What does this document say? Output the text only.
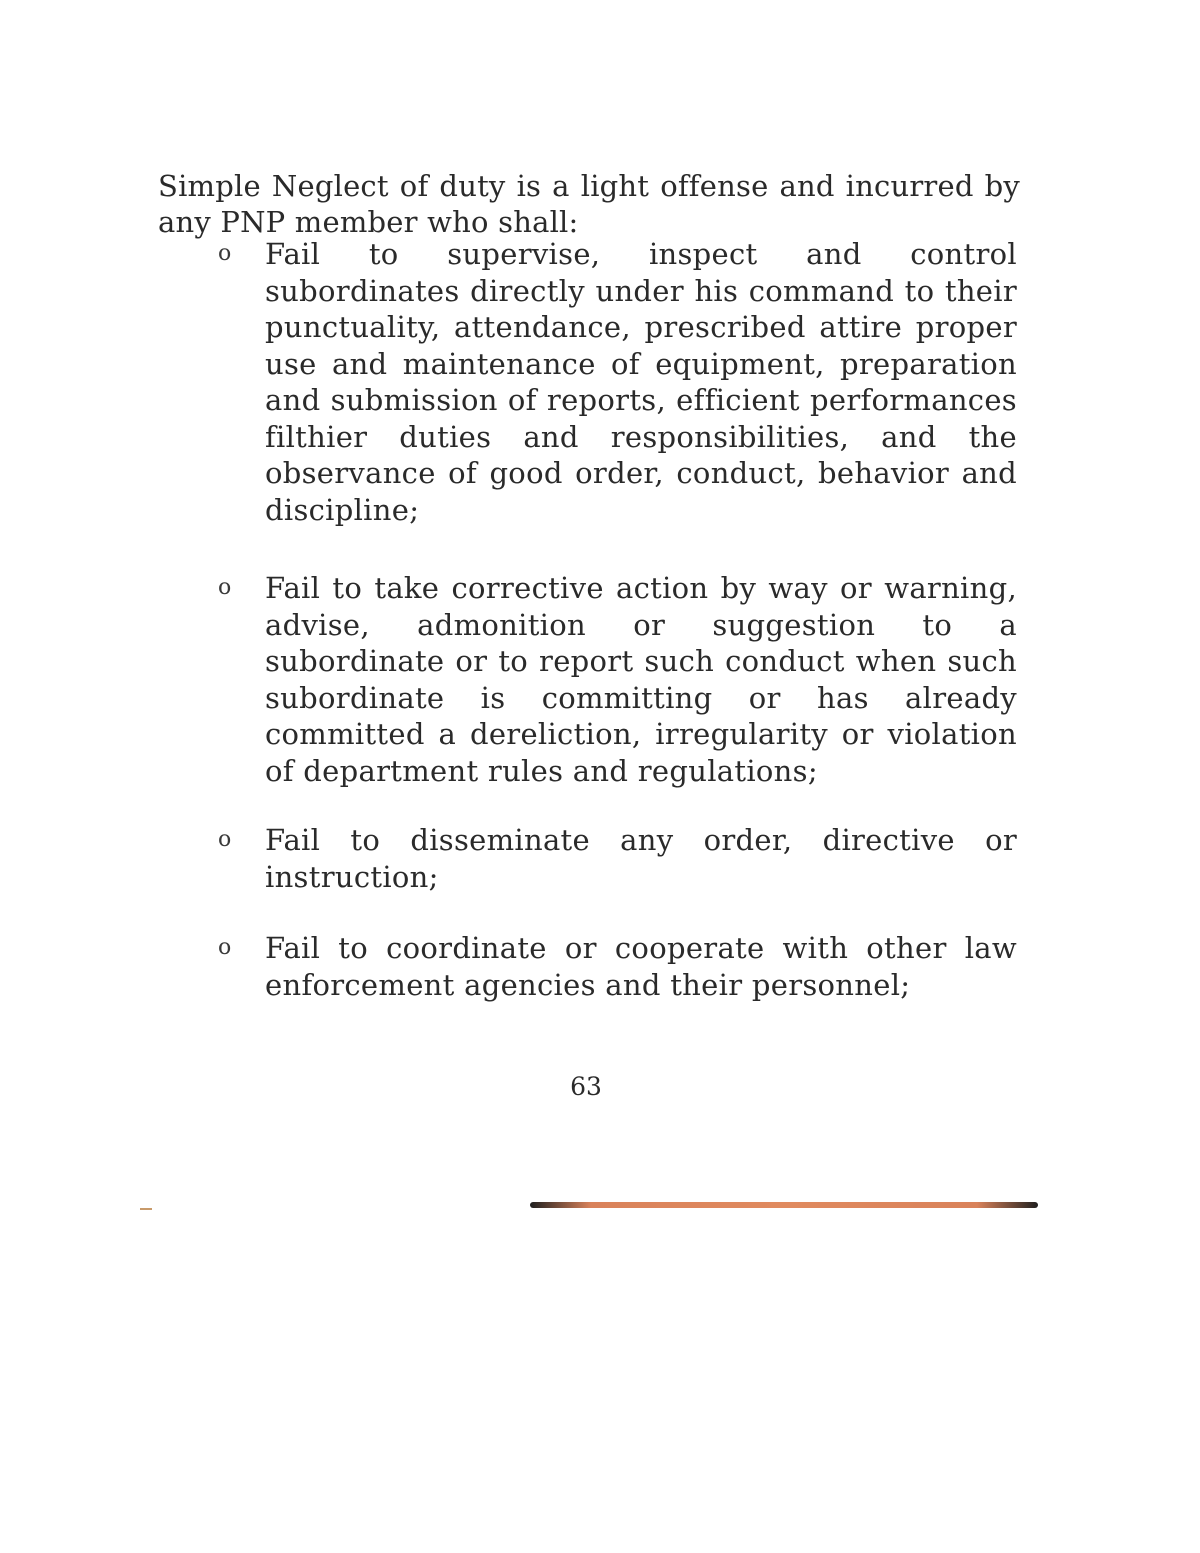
Simple Neglect of duty is a light offense and incurred by any PNP member who shall:

o Fail to supervise, inspect and control subordinates directly under his command to their punctuality, attendance, prescribed attire proper use and maintenance of equipment, preparation and submission of reports, efficient performances filthier duties and responsibilities, and the observance of good order, conduct, behavior and discipline;

o Fail to take corrective action by way or warning, advise, admonition or suggestion to a subordinate or to report such conduct when such subordinate is committing or has already committed a dereliction, irregularity or violation of department rules and regulations;

o Fail to disseminate any order, directive or instruction;

o Fail to coordinate or cooperate with other law enforcement agencies and their personnel;

63
